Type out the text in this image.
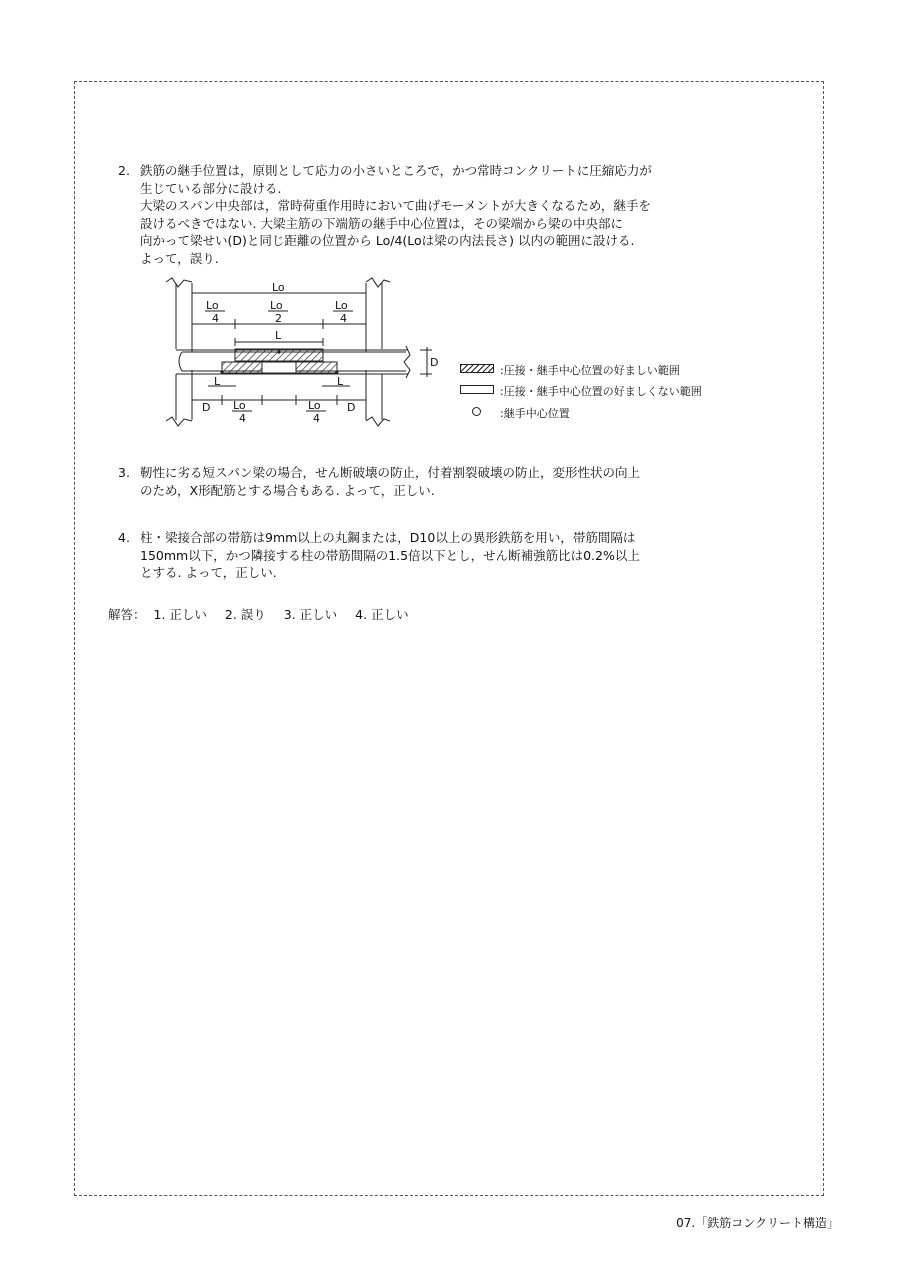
2. 鉄筋の継手位置は，原則として応力の小さいところで，かつ常時コンクリートに圧縮応力が
生じている部分に設ける.
大梁のスパン中央部は，常時荷重作用時において曲げモーメントが大きくなるため，継手を
設けるべきではない. 大梁主筋の下端筋の継手中心位置は，その梁端から梁の中央部に
向かって梁せい(D)と同じ距離の位置から Lo/4(Loは梁の内法長さ) 以内の範囲に設ける.
よって，誤り.
Lo
Lo
4
Lo
2
Lo
4
L
L	L
D Lo
4
Lo
4
D
D
:圧接・継手中心位置の好ましい範囲
:圧接・継手中心位置の好ましくない範囲
:継手中心位置
3. 靭性に劣る短スパン梁の場合，せん断破壊の防止，付着割裂破壊の防止，変形性状の向上
のため，X形配筋とする場合もある. よって，正しい.
4. 柱・梁接合部の帯筋は9mm以上の丸鋼または，D10以上の異形鉄筋を用い，帯筋間隔は
150mm以下，かつ隣接する柱の帯筋間隔の1.5倍以下とし，せん断補強筋比は0.2%以上
とする. よって，正しい.
解答： 1. 正しい 2. 誤り 3. 正しい 4. 正しい
07.「鉄筋コンクリート構造」
